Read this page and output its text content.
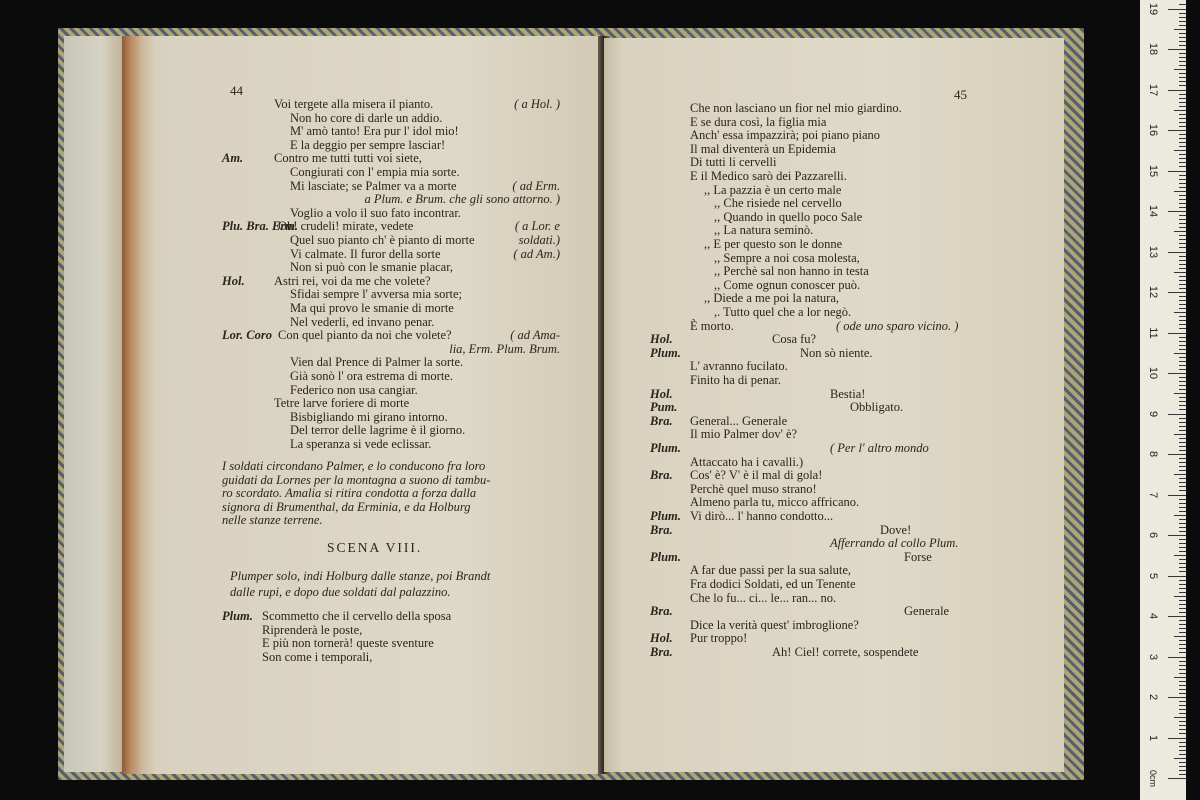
44
Voi tergete alla misera il pianto.	( a Hol. )
Non ho core di darle un addio.
M' amò tanto! Era pur l' idol mio!
E la deggio per sempre lasciar!
Am. Contro me tutti tutti voi siete,
Congiurati con l' empia mia sorte.
Mi lasciate; se Palmer va a morte	( ad Erm.
a Plum. e Brum. che gli sono attorno. )
Voglio a volo il suo fato incontrar.
Plu. Bra. Erm.
Oh! crudeli! mirate, vedete	( a Lor. e
Quel suo pianto ch' è pianto di morte	soldati.)
Vi calmate. Il furor della sorte	( ad Am.)
Non si può con le smanie placar,
Hol. Astri rei, voi da me che volete?
Sfidai sempre l' avversa mia sorte;
Ma qui provo le smanie di morte
Nel vederli, ed invano penar.
Lor. Coro Con quel pianto da noi che volete?	( ad Ama-
lia, Erm. Plum. Brum.
Vien dal Prence di Palmer la sorte.
Già sonò l' ora estrema di morte.
Federico non usa cangiar.
Tetre larve foriere di morte
Bisbigliando mi girano intorno.
Del terror delle lagrime è il giorno.
La speranza si vede eclissar.
I soldati circondano Palmer, e lo conducono fra loro
guidati da Lornes per la montagna a suono di tambu-
ro scordato. Amalia si ritira condotta a forza dalla
signora di Brumenthal, da Erminia, e da Holburg
nelle stanze terrene.
SCENA VIII.
Plumper solo, indi Holburg dalle stanze, poi Brandt
dalle rupi, e dopo due soldati dal palazzino.
Plum. Scommetto che il cervello della sposa
Riprenderà le poste,
E più non tornerà! queste sventure
Son come i temporali,
45
Che non lasciano un fior nel mio giardino.
E se dura così, la figlia mia
Anch' essa impazzirà; poi piano piano
Il mal diventerà un Epidemia
Di tutti li cervelli
E il Medico sarò dei Pazzarelli.
,, La pazzia è un certo male
,, Che risiede nel cervello
,, Quando in quello poco Sale
,, La natura seminò.
,, E per questo son le donne
,, Sempre a noi cosa molesta,
,, Perchè sal non hanno in testa
,, Come ognun conoscer può.
,, Diede a me poi la natura,
,. Tutto quel che a lor negò.
È morto.	( ode uno sparo vicino. )
Hol.	Cosa fu?
Plum.	Non sò niente.
L' avranno fucilato.
Finito ha di penar.
Hol.	Bestia!
Pum.	Obbligato.
Bra. General... Generale
Il mio Palmer dov' è?
Plum.	( Per l' altro mondo
Attaccato ha i cavalli.)
Bra. Cos' è? V' è il mal di gola!
Perchè quel muso strano!
Almeno parla tu, micco affricano.
Plum. Vi dirò... l' hanno condotto...
Bra.	Dove!
Afferrando al collo Plum.
Plum.	Forse
A far due passi per la sua salute,
Fra dodici Soldati, ed un Tenente
Che lo fu... ci... le... ran... no.
Bra.	Generale
Dice la verità quest' imbroglione?
Hol. Pur troppo!
Bra.	Ah! Ciel! correte, sospendete
19
18
17
16
15
14
13
12
11
10
9
8
7
6
5
4
3
2
1
0cm
